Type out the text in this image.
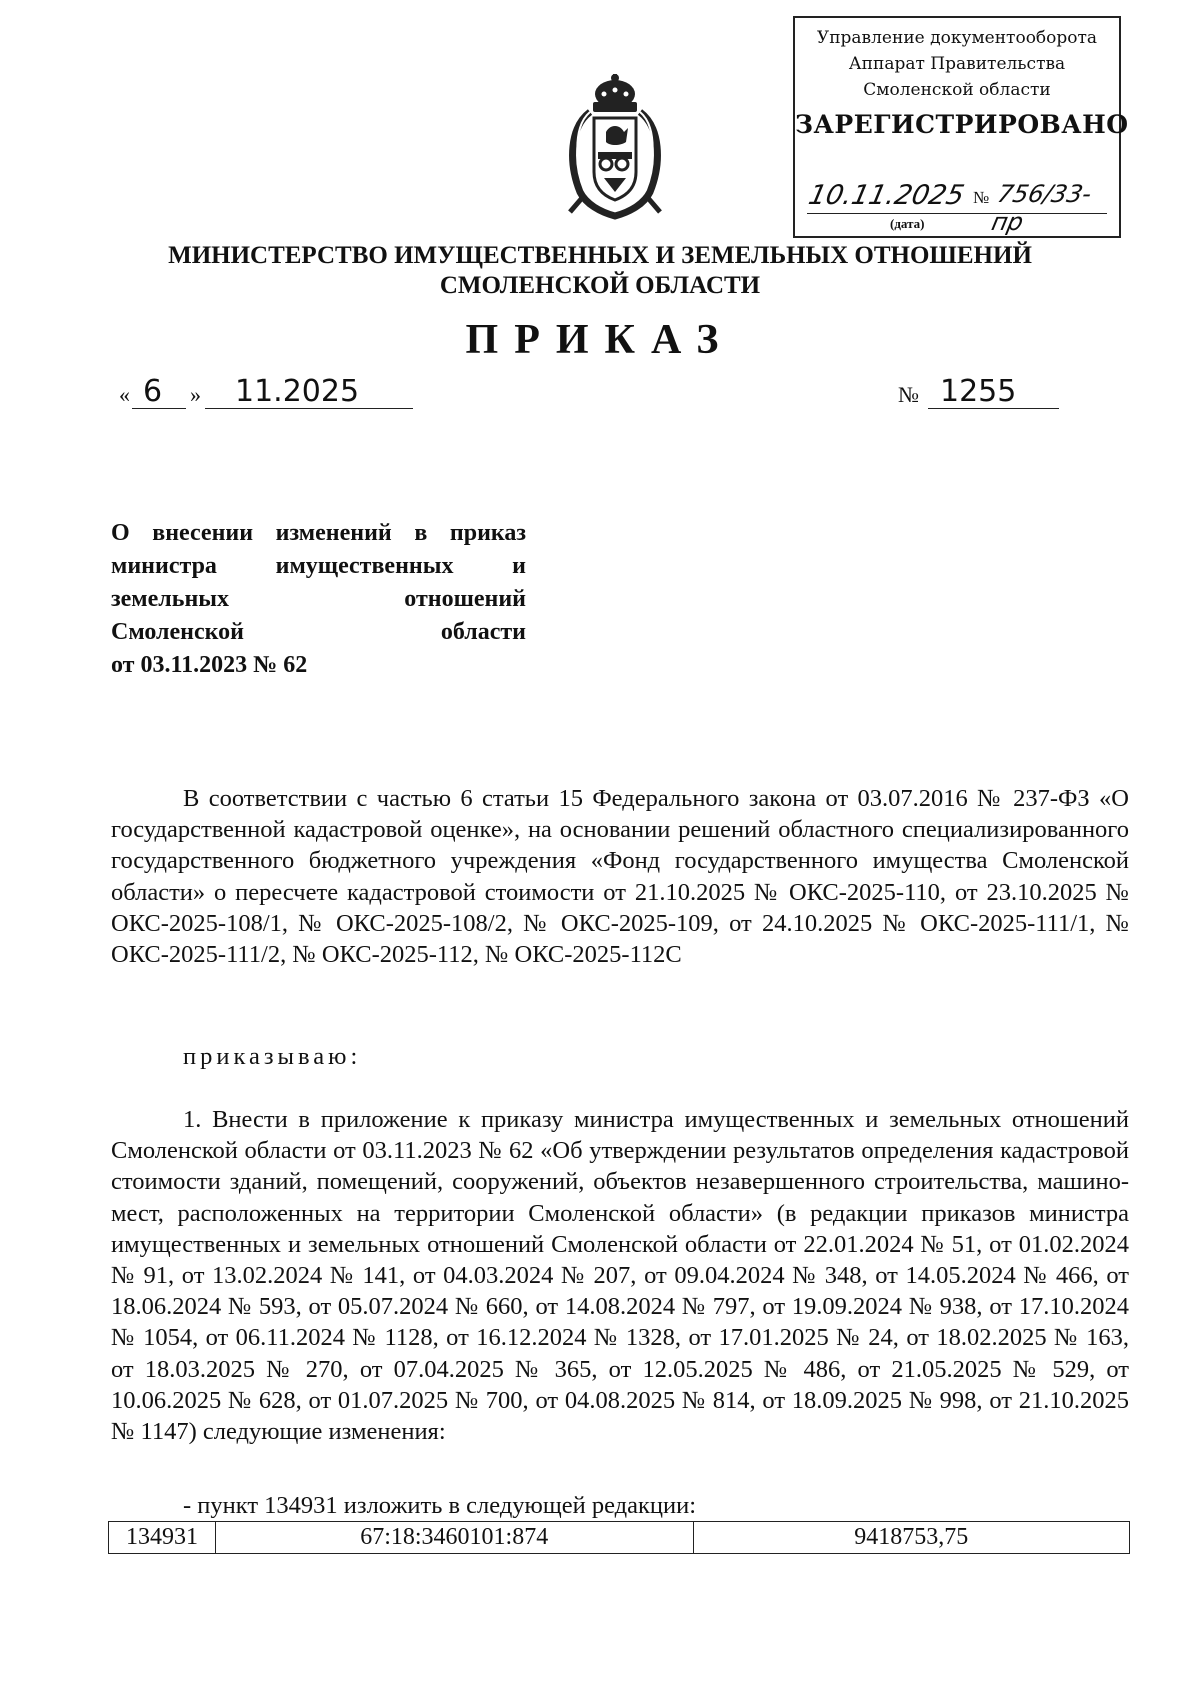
Управление документооборота
Аппарат Правительства
Смоленской области
ЗАРЕГИСТРИРОВАНО
10.11.2025 № 756/33-пр
(дата)
МИНИСТЕРСТВО ИМУЩЕСТВЕННЫХ И ЗЕМЕЛЬНЫХ ОТНОШЕНИЙ
СМОЛЕНСКОЙ ОБЛАСТИ
ПРИКАЗ
« 6 » 11.2025	№ 1255
О внесении изменений в приказ
министра имущественных и
земельных отношений
Смоленской области
от 03.11.2023 № 62
В соответствии с частью 6 статьи 15 Федерального закона от 03.07.2016 № 237-ФЗ «О государственной кадастровой оценке», на основании решений областного специализированного государственного бюджетного учреждения «Фонд государственного имущества Смоленской области» о пересчете кадастровой стоимости от 21.10.2025 № ОКС-2025-110, от 23.10.2025 № ОКС-2025-108/1, № ОКС-2025-108/2, № ОКС-2025-109, от 24.10.2025 № ОКС-2025-111/1, № ОКС-2025-111/2, № ОКС-2025-112, № ОКС-2025-112С
приказываю:
1. Внести в приложение к приказу министра имущественных и земельных отношений Смоленской области от 03.11.2023 № 62 «Об утверждении результатов определения кадастровой стоимости зданий, помещений, сооружений, объектов незавершенного строительства, машино-мест, расположенных на территории Смоленской области» (в редакции приказов министра имущественных и земельных отношений Смоленской области от 22.01.2024 № 51, от 01.02.2024 № 91, от 13.02.2024 № 141, от 04.03.2024 № 207, от 09.04.2024 № 348, от 14.05.2024 № 466, от 18.06.2024 № 593, от 05.07.2024 № 660, от 14.08.2024 № 797, от 19.09.2024 № 938, от 17.10.2024 № 1054, от 06.11.2024 № 1128, от 16.12.2024 № 1328, от 17.01.2025 № 24, от 18.02.2025 № 163, от 18.03.2025 № 270, от 07.04.2025 № 365, от 12.05.2025 № 486, от 21.05.2025 № 529, от 10.06.2025 № 628, от 01.07.2025 № 700, от 04.08.2025 № 814, от 18.09.2025 № 998, от 21.10.2025 № 1147) следующие изменения:
- пункт 134931 изложить в следующей редакции:
134931	67:18:3460101:874	9418753,75
